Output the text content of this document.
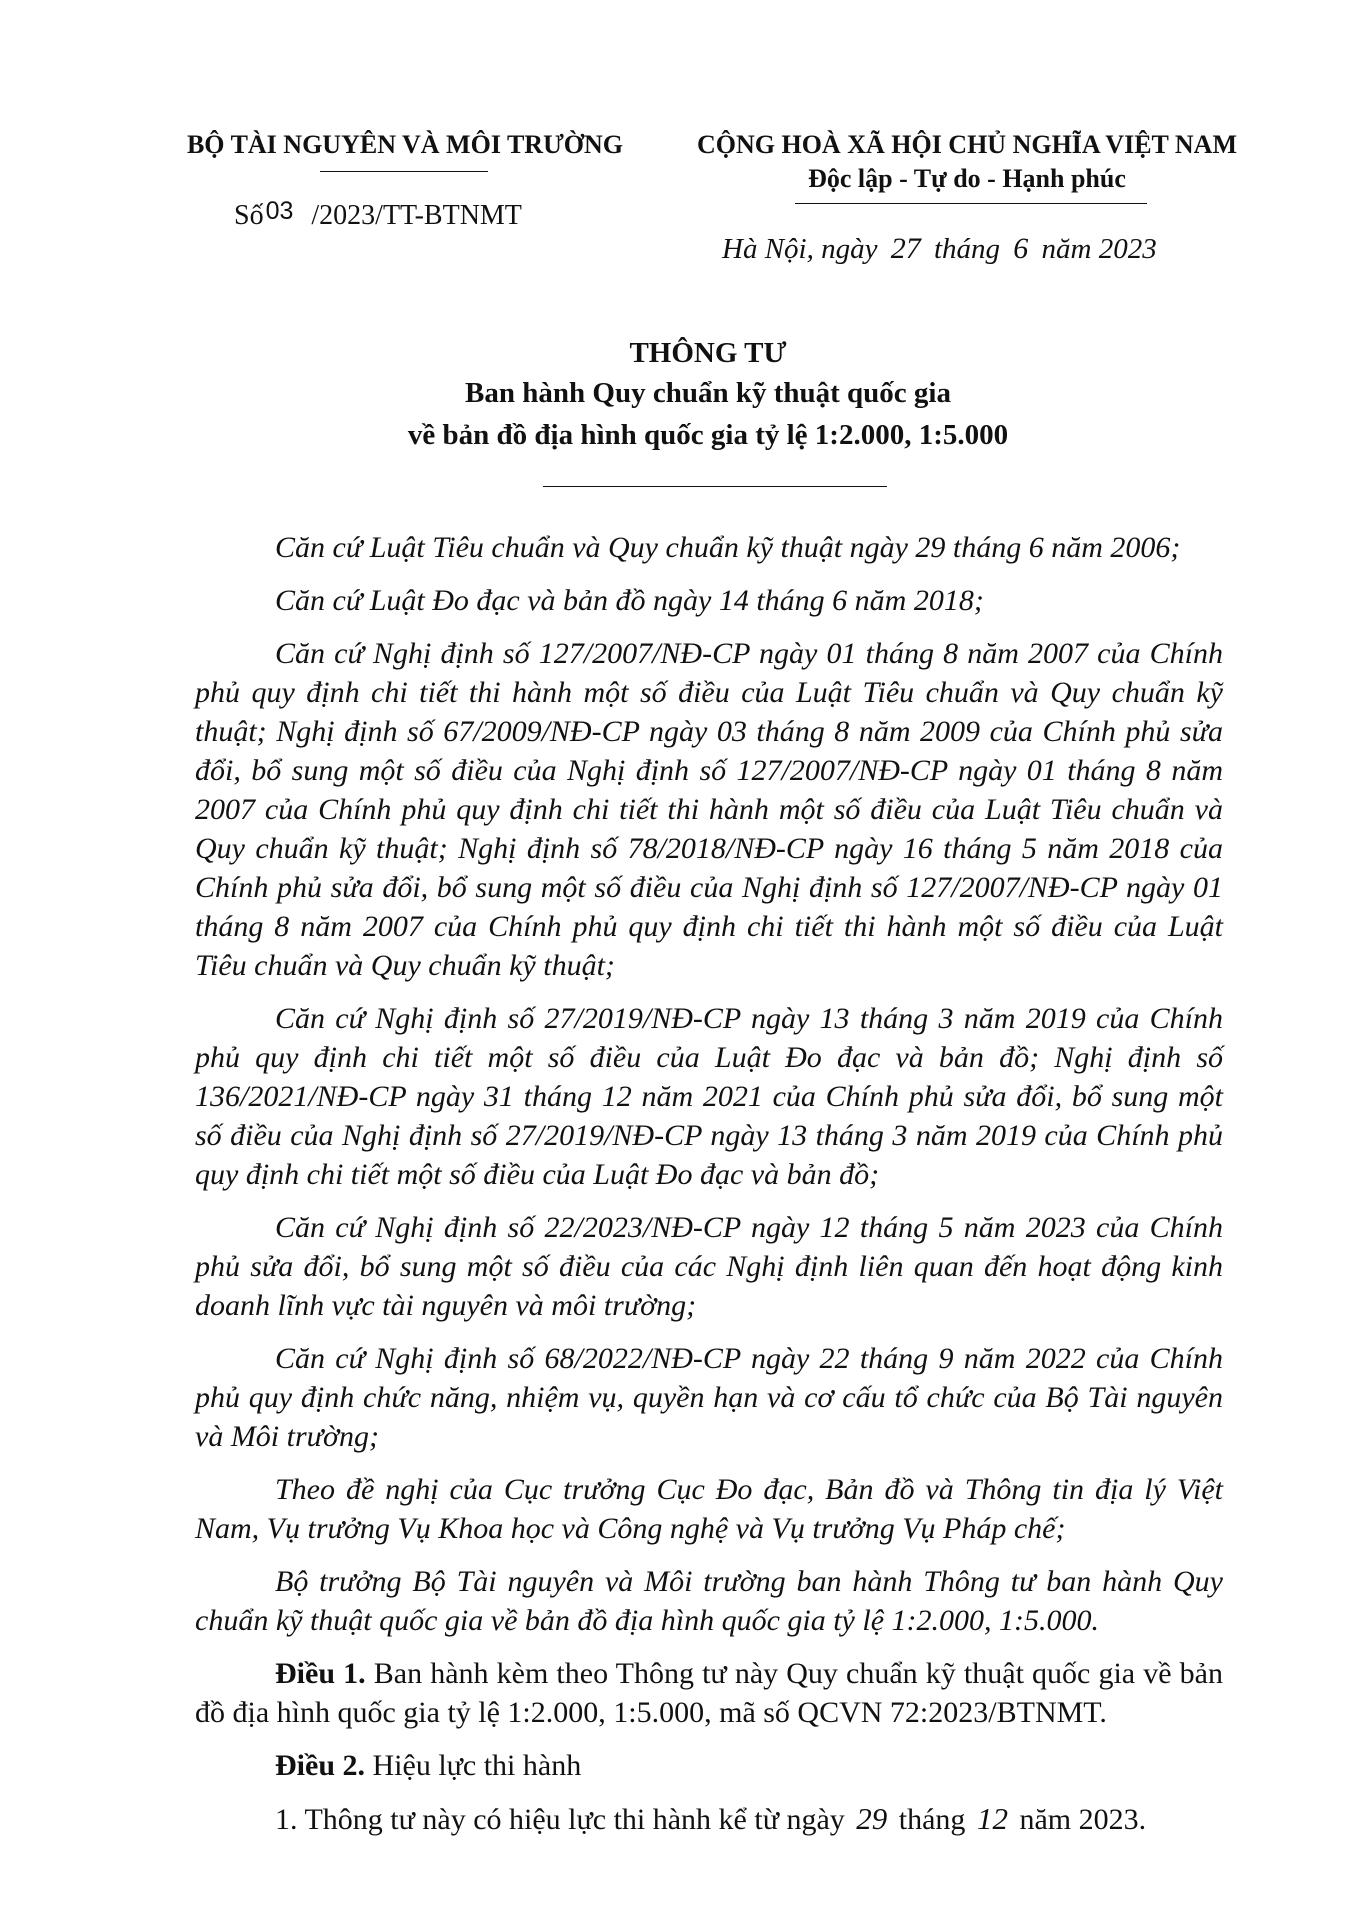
BỘ TÀI NGUYÊN VÀ MÔI TRƯỜNG
Số03 /2023/TT-BTNMT
CỘNG HOÀ XÃ HỘI CHỦ NGHĨA VIỆT NAM
Độc lập - Tự do - Hạnh phúc
Hà Nội, ngày 27 tháng 6 năm 2023
THÔNG TƯ
Ban hành Quy chuẩn kỹ thuật quốc gia
về bản đồ địa hình quốc gia tỷ lệ 1:2.000, 1:5.000

Căn cứ Luật Tiêu chuẩn và Quy chuẩn kỹ thuật ngày 29 tháng 6 năm 2006;

Căn cứ Luật Đo đạc và bản đồ ngày 14 tháng 6 năm 2018;

Căn cứ Nghị định số 127/2007/NĐ-CP ngày 01 tháng 8 năm 2007 của Chính phủ quy định chi tiết thi hành một số điều của Luật Tiêu chuẩn và Quy chuẩn kỹ thuật; Nghị định số 67/2009/NĐ-CP ngày 03 tháng 8 năm 2009 của Chính phủ sửa đổi, bổ sung một số điều của Nghị định số 127/2007/NĐ-CP ngày 01 tháng 8 năm 2007 của Chính phủ quy định chi tiết thi hành một số điều của Luật Tiêu chuẩn và Quy chuẩn kỹ thuật; Nghị định số 78/2018/NĐ-CP ngày 16 tháng 5 năm 2018 của Chính phủ sửa đổi, bổ sung một số điều của Nghị định số 127/2007/NĐ-CP ngày 01 tháng 8 năm 2007 của Chính phủ quy định chi tiết thi hành một số điều của Luật Tiêu chuẩn và Quy chuẩn kỹ thuật;

Căn cứ Nghị định số 27/2019/NĐ-CP ngày 13 tháng 3 năm 2019 của Chính phủ quy định chi tiết một số điều của Luật Đo đạc và bản đồ; Nghị định số 136/2021/NĐ-CP ngày 31 tháng 12 năm 2021 của Chính phủ sửa đổi, bổ sung một số điều của Nghị định số 27/2019/NĐ-CP ngày 13 tháng 3 năm 2019 của Chính phủ quy định chi tiết một số điều của Luật Đo đạc và bản đồ;

Căn cứ Nghị định số 22/2023/NĐ-CP ngày 12 tháng 5 năm 2023 của Chính phủ sửa đổi, bổ sung một số điều của các Nghị định liên quan đến hoạt động kinh doanh lĩnh vực tài nguyên và môi trường;

Căn cứ Nghị định số 68/2022/NĐ-CP ngày 22 tháng 9 năm 2022 của Chính phủ quy định chức năng, nhiệm vụ, quyền hạn và cơ cấu tổ chức của Bộ Tài nguyên và Môi trường;

Theo đề nghị của Cục trưởng Cục Đo đạc, Bản đồ và Thông tin địa lý Việt Nam, Vụ trưởng Vụ Khoa học và Công nghệ và Vụ trưởng Vụ Pháp chế;

Bộ trưởng Bộ Tài nguyên và Môi trường ban hành Thông tư ban hành Quy chuẩn kỹ thuật quốc gia về bản đồ địa hình quốc gia tỷ lệ 1:2.000, 1:5.000.

Điều 1. Ban hành kèm theo Thông tư này Quy chuẩn kỹ thuật quốc gia về bản đồ địa hình quốc gia tỷ lệ 1:2.000, 1:5.000, mã số QCVN 72:2023/BTNMT.

Điều 2. Hiệu lực thi hành

1. Thông tư này có hiệu lực thi hành kể từ ngày 29 tháng 12 năm 2023.
